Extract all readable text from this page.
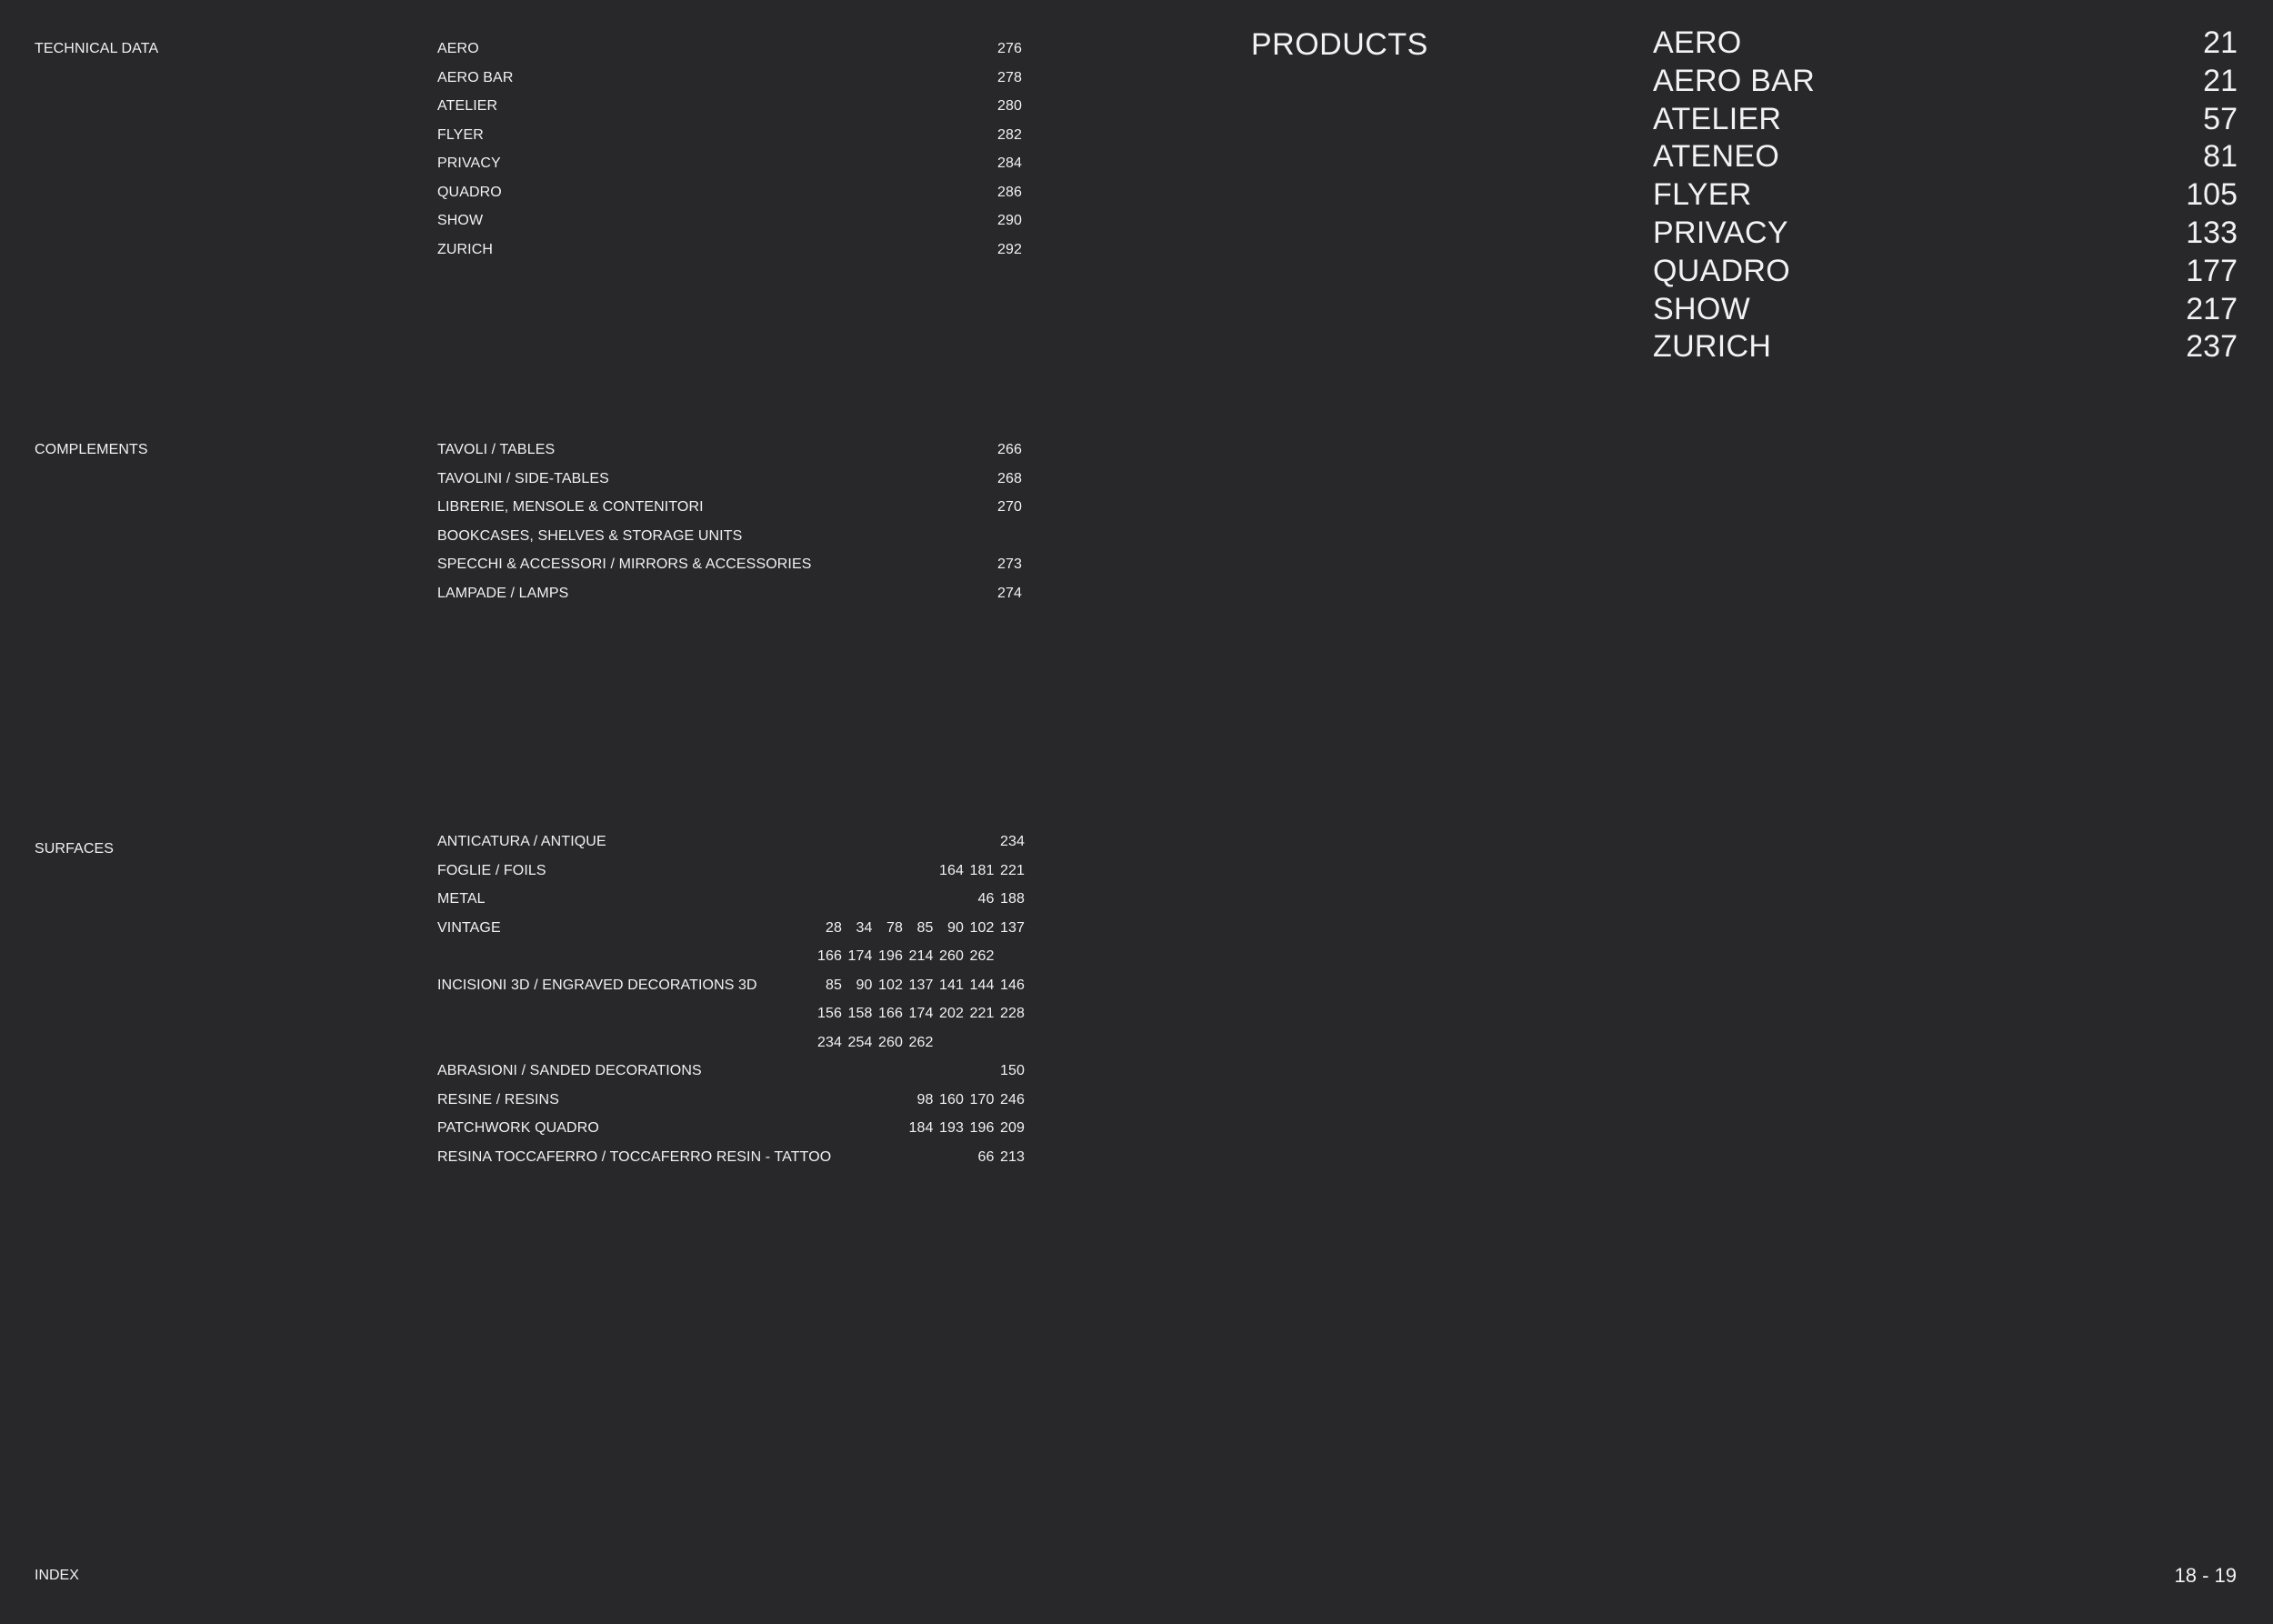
TECHNICAL DATA	AERO	276
AERO BAR	278
ATELIER	280
FLYER	282
PRIVACY	284
QUADRO	286
SHOW	290
ZURICH	292
COMPLEMENTS	TAVOLI / TABLES	266
TAVOLINI / SIDE-TABLES	268
LIBRERIE, MENSOLE & CONTENITORI	270
BOOKCASES, SHELVES & STORAGE UNITS
SPECCHI & ACCESSORI / MIRRORS & ACCESSORIES	273
LAMPADE / LAMPS	274
SURFACES	ANTICATURA / ANTIQUE	234
FOGLIE / FOILS	164 181 221
METAL	46 188
VINTAGE	28 34 78 85 90 102 137
166 174 196 214 260 262
INCISIONI 3D / ENGRAVED DECORATIONS 3D	85 90 102 137 141 144 146
156 158 166 174 202 221 228
234 254 260 262
ABRASIONI / SANDED DECORATIONS	150
RESINE / RESINS	98 160 170 246
PATCHWORK QUADRO	184 193 196 209
RESINA TOCCAFERRO / TOCCAFERRO RESIN - TATTOO	66 213
PRODUCTS	AERO	21
AERO BAR	21
ATELIER	57
ATENEO	81
FLYER	105
PRIVACY	133
QUADRO	177
SHOW	217
ZURICH	237
INDEX	18 - 19
